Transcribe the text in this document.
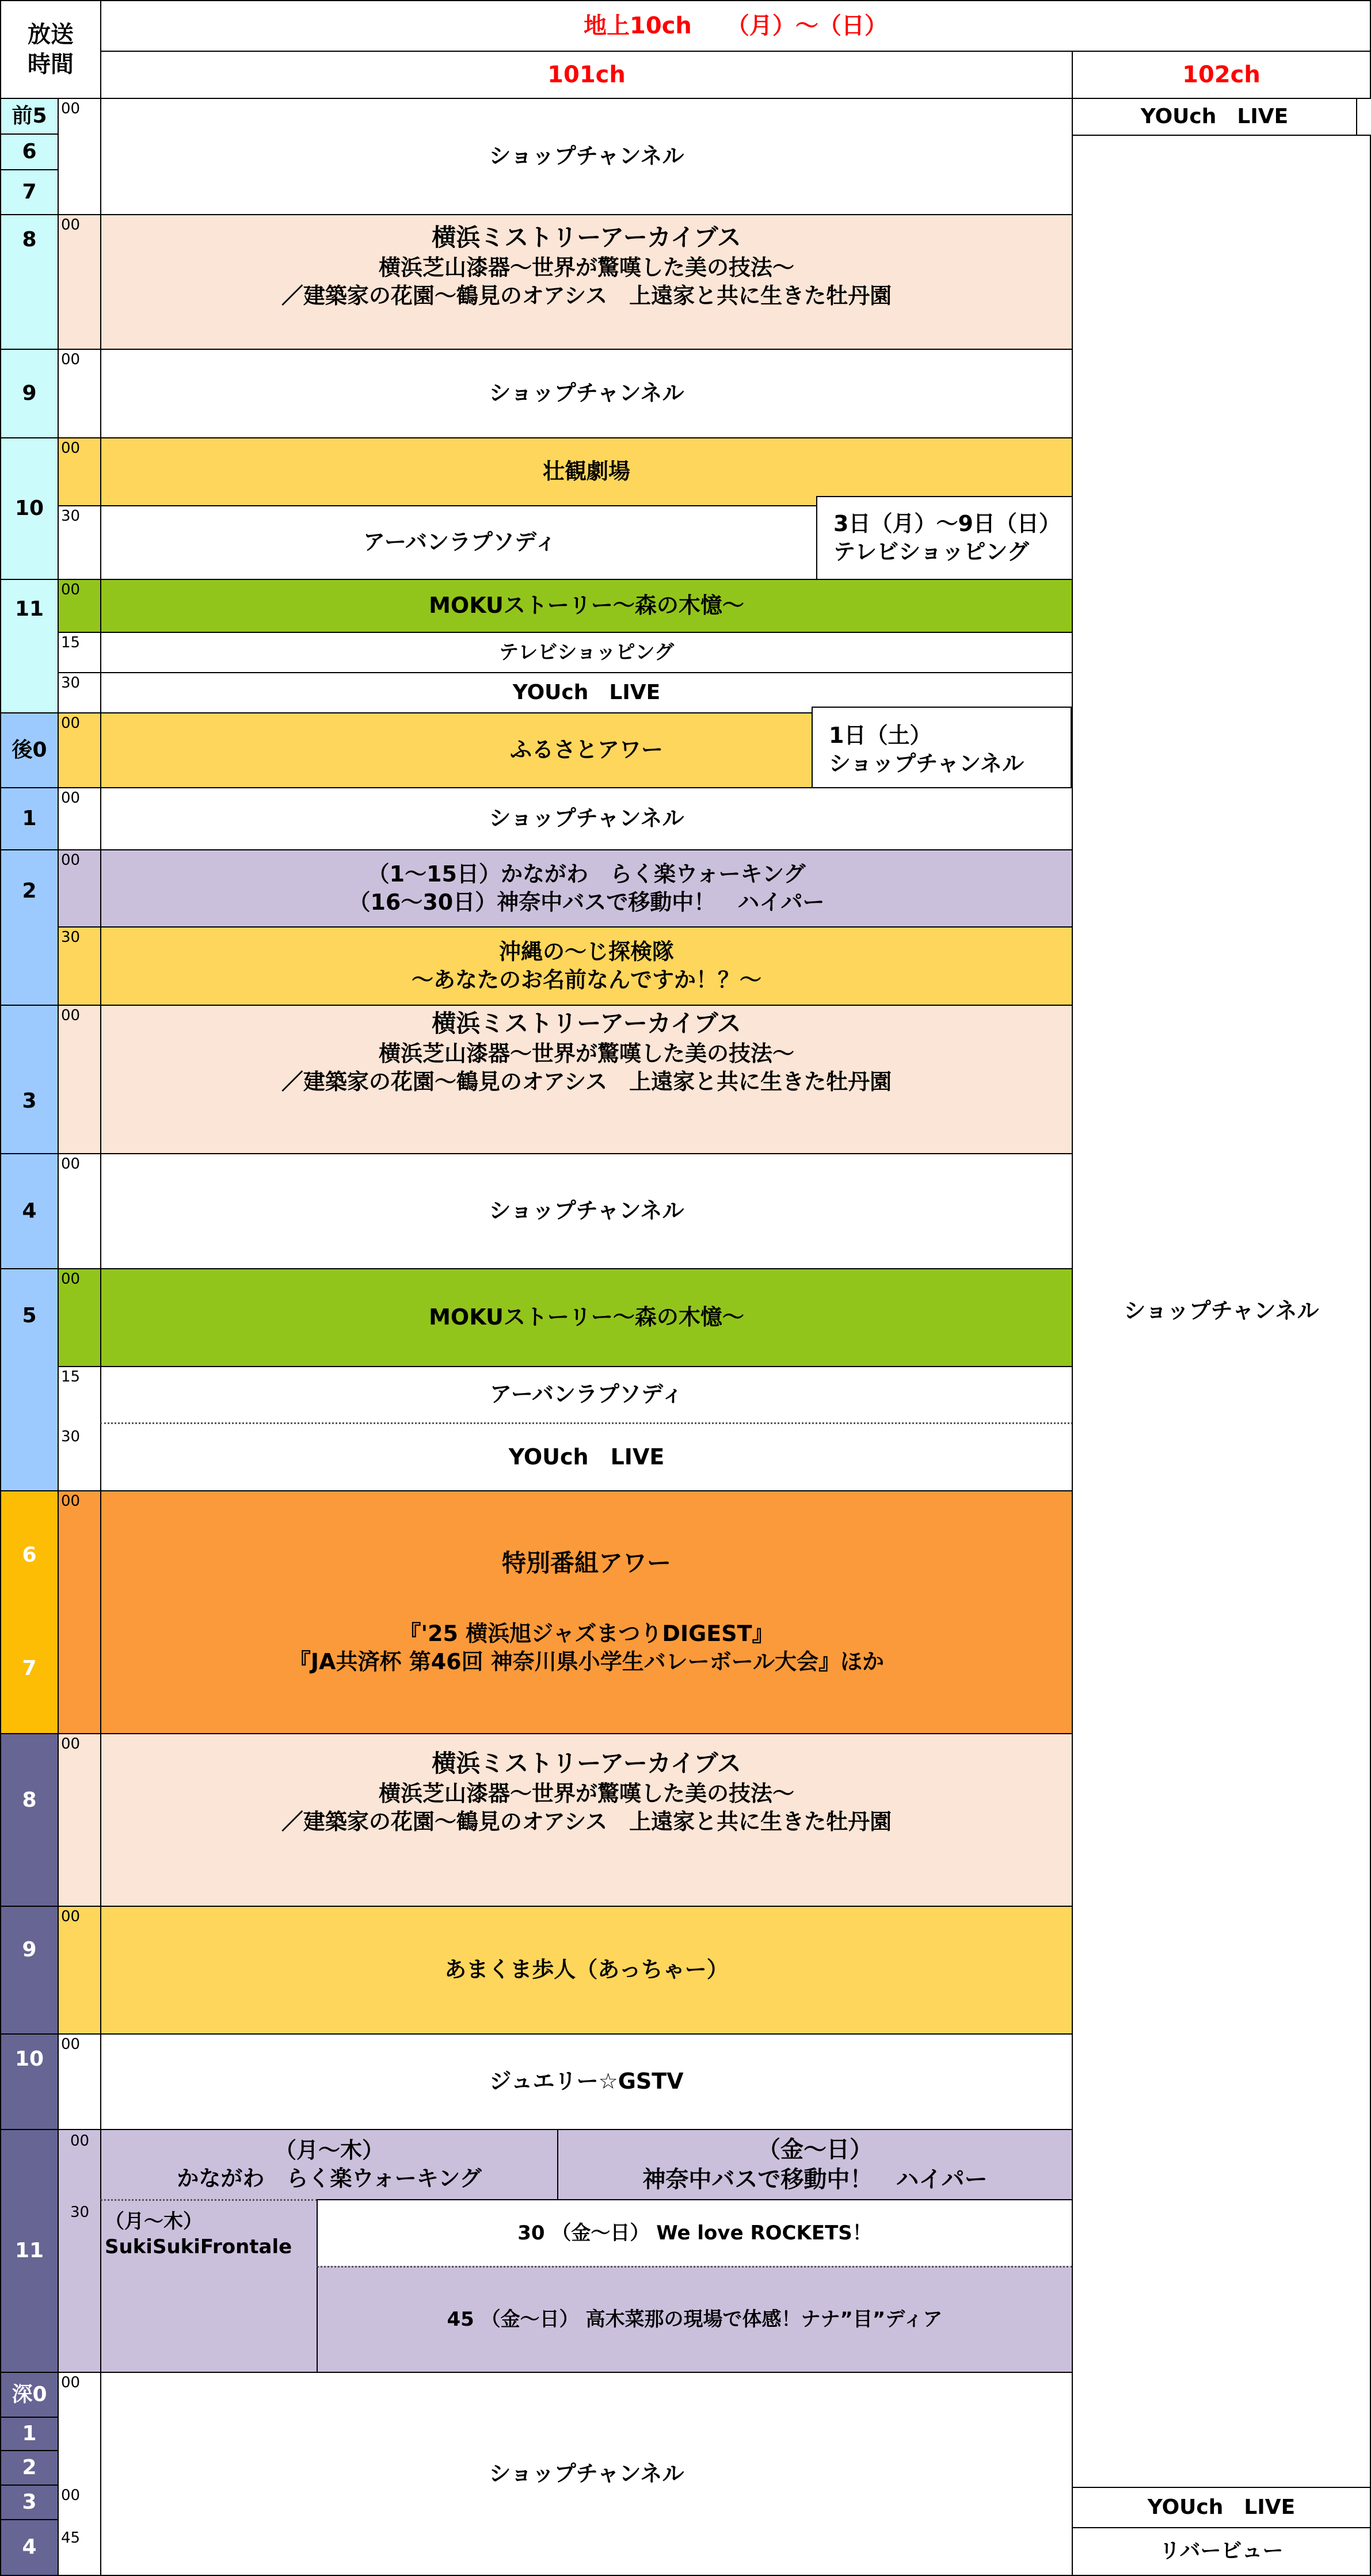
放送
時間
地上10ch （月）〜（日）
101ch	102ch
前5
6
7
8
9
10
11
後0
1
2
3
4
5
6
7
8
9
10
11
深0
1
2
3
4
00
00
00
00
30
00
15
30
00
00
00
30
00
00
00
15
30
00
00
00
00
00
30
00
00
45
ショップチャンネル
横浜ミストリーアーカイブス
横浜芝山漆器〜世界が驚嘆した美の技法〜
／建築家の花園〜鶴見のオアシス　上遠家と共に生きた牡丹園
ショップチャンネル
壮観劇場
アーバンラプソディ
3日（月）〜9日（日）
テレビショッピング
MOKUストーリー〜森の木憶〜
テレビショッピング
YOUch　LIVE
ふるさとアワー
1日（土）
ショップチャンネル
ショップチャンネル
（1〜15日）かながわ　らく楽ウォーキング
（16〜30日）神奈中バスで移動中！　ハイパー
沖縄の〜じ探検隊
〜あなたのお名前なんですか！？〜
横浜ミストリーアーカイブス
横浜芝山漆器〜世界が驚嘆した美の技法〜
／建築家の花園〜鶴見のオアシス　上遠家と共に生きた牡丹園
ショップチャンネル
MOKUストーリー〜森の木憶〜
アーバンラプソディ
YOUch　LIVE
特別番組アワー
『'25 横浜旭ジャズまつりDIGEST』
『JA共済杯 第46回 神奈川県小学生バレーボール大会』ほか
横浜ミストリーアーカイブス
横浜芝山漆器〜世界が驚嘆した美の技法〜
／建築家の花園〜鶴見のオアシス　上遠家と共に生きた牡丹園
あまくま歩人（あっちゃー）
ジュエリー☆GSTV
（月〜木）
かながわ　らく楽ウォーキング
（金〜日）
神奈中バスで移動中！　ハイパー
（月〜木）
SukiSukiFrontale
30 （金〜日） We love ROCKETS！
45 （金〜日） 高木菜那の現場で体感！ナナ”目”ディア
ショップチャンネル
YOUch　LIVE
ショップチャンネル
YOUch　LIVE
リバービュー
